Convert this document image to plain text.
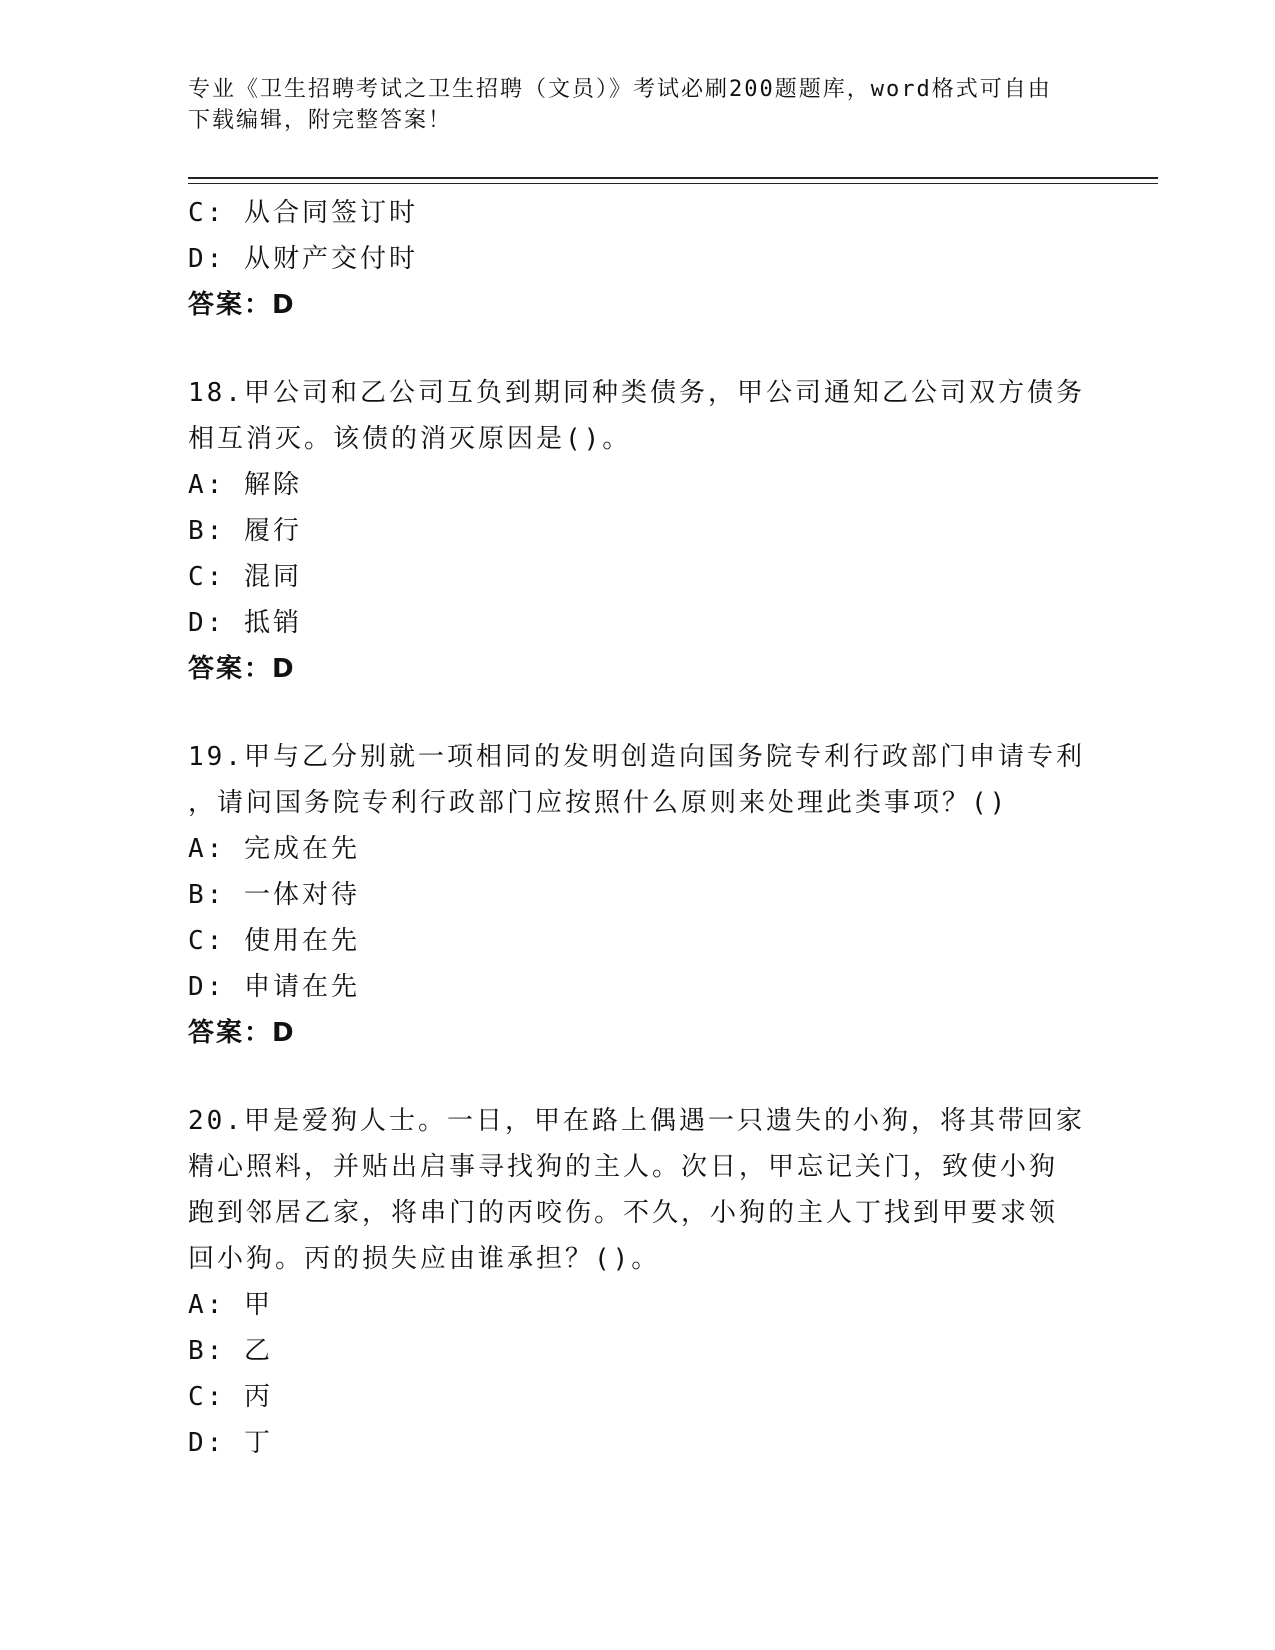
专业《卫生招聘考试之卫生招聘（文员）》考试必刷200题题库，word格式可自由下载编辑，附完整答案！
C: 从合同签订时
D: 从财产交付时
答案：D
18.甲公司和乙公司互负到期同种类债务，甲公司通知乙公司双方债务
相互消灭。该债的消灭原因是()。
A: 解除
B: 履行
C: 混同
D: 抵销
答案：D
19.甲与乙分别就一项相同的发明创造向国务院专利行政部门申请专利
，请问国务院专利行政部门应按照什么原则来处理此类事项？()
A: 完成在先
B: 一体对待
C: 使用在先
D: 申请在先
答案：D
20.甲是爱狗人士。一日，甲在路上偶遇一只遗失的小狗，将其带回家
精心照料，并贴出启事寻找狗的主人。次日，甲忘记关门，致使小狗
跑到邻居乙家，将串门的丙咬伤。不久，小狗的主人丁找到甲要求领
回小狗。丙的损失应由谁承担？()。
A: 甲
B: 乙
C: 丙
D: 丁
